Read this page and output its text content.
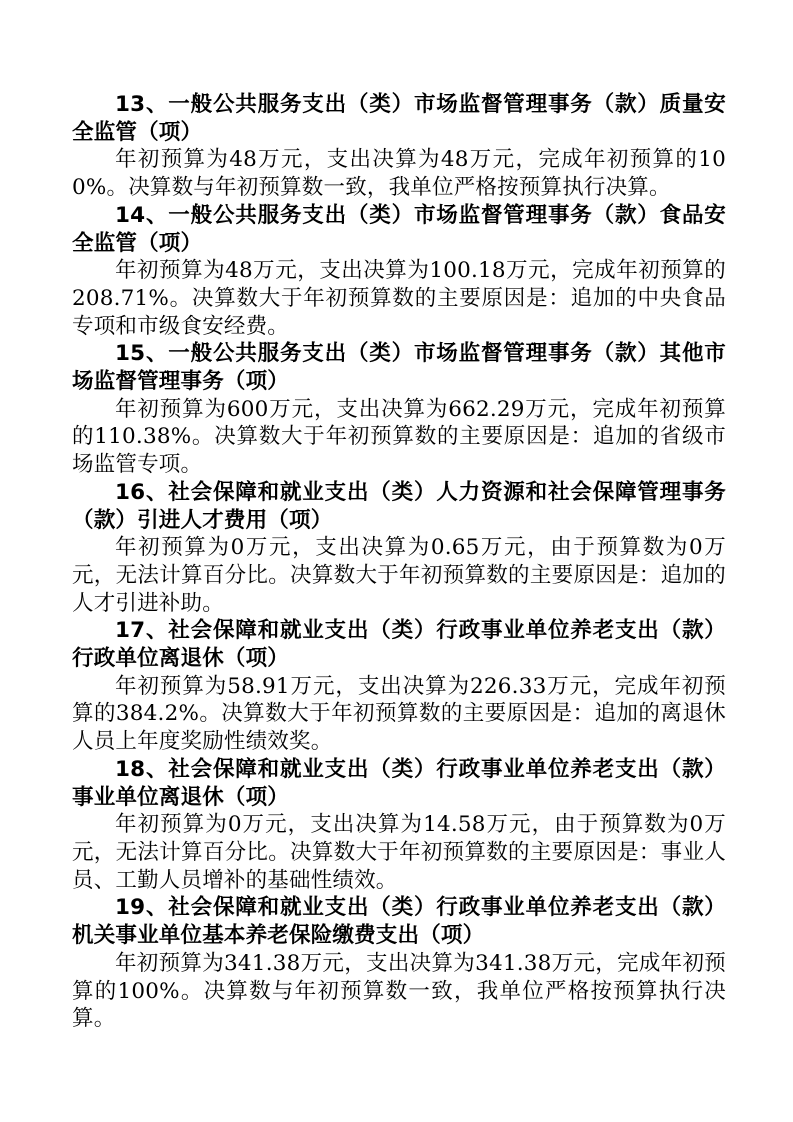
13、一般公共服务支出（类）市场监督管理事务（款）质量安全监管（项）

年初预算为48万元，支出决算为48万元，完成年初预算的100%。决算数与年初预算数一致，我单位严格按预算执行决算。

14、一般公共服务支出（类）市场监督管理事务（款）食品安全监管（项）

年初预算为48万元，支出决算为100.18万元，完成年初预算的208.71%。决算数大于年初预算数的主要原因是：追加的中央食品专项和市级食安经费。

15、一般公共服务支出（类）市场监督管理事务（款）其他市场监督管理事务（项）

年初预算为600万元，支出决算为662.29万元，完成年初预算的110.38%。决算数大于年初预算数的主要原因是：追加的省级市场监管专项。

16、社会保障和就业支出（类）人力资源和社会保障管理事务（款）引进人才费用（项）

年初预算为0万元，支出决算为0.65万元，由于预算数为0万元，无法计算百分比。决算数大于年初预算数的主要原因是：追加的人才引进补助。

17、社会保障和就业支出（类）行政事业单位养老支出（款）行政单位离退休（项）

年初预算为58.91万元，支出决算为226.33万元，完成年初预算的384.2%。决算数大于年初预算数的主要原因是：追加的离退休人员上年度奖励性绩效奖。

18、社会保障和就业支出（类）行政事业单位养老支出（款）事业单位离退休（项）

年初预算为0万元，支出决算为14.58万元，由于预算数为0万元，无法计算百分比。决算数大于年初预算数的主要原因是：事业人员、工勤人员增补的基础性绩效。

19、社会保障和就业支出（类）行政事业单位养老支出（款）机关事业单位基本养老保险缴费支出（项）

年初预算为341.38万元，支出决算为341.38万元，完成年初预算的100%。决算数与年初预算数一致，我单位严格按预算执行决算。
